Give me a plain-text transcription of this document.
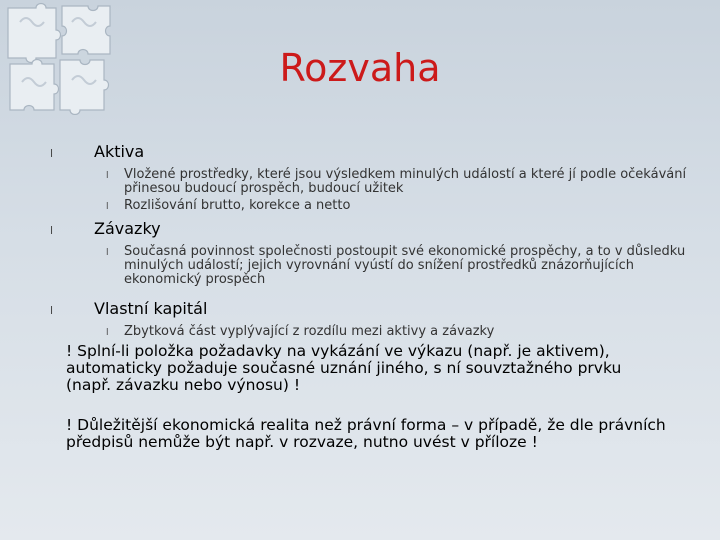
Rozvaha

l	Aktiva

l Vložené prostředky, které jsou výsledkem minulých událostí a které jí podle očekávání přinesou budoucí prospěch, budoucí užitek

l Rozlišování brutto, korekce a netto

l	Závazky

l Současná povinnost společnosti postoupit své ekonomické prospěchy, a to v důsledku minulých událostí; jejich vyrovnání vyústí do snížení prostředků znázorňujících ekonomický prospěch

l	Vlastní kapitál

l Zbytková část vyplývající z rozdílu mezi aktivy a závazky

! Splní-li položka požadavky na vykázání ve výkazu (např. je aktivem), automaticky požaduje současné uznání jiného, s ní souvztažného prvku (např. závazku nebo výnosu) !
! Důležitější ekonomická realita než právní forma – v případě, že dle právních předpisů nemůže být např. v rozvaze, nutno uvést v příloze !
